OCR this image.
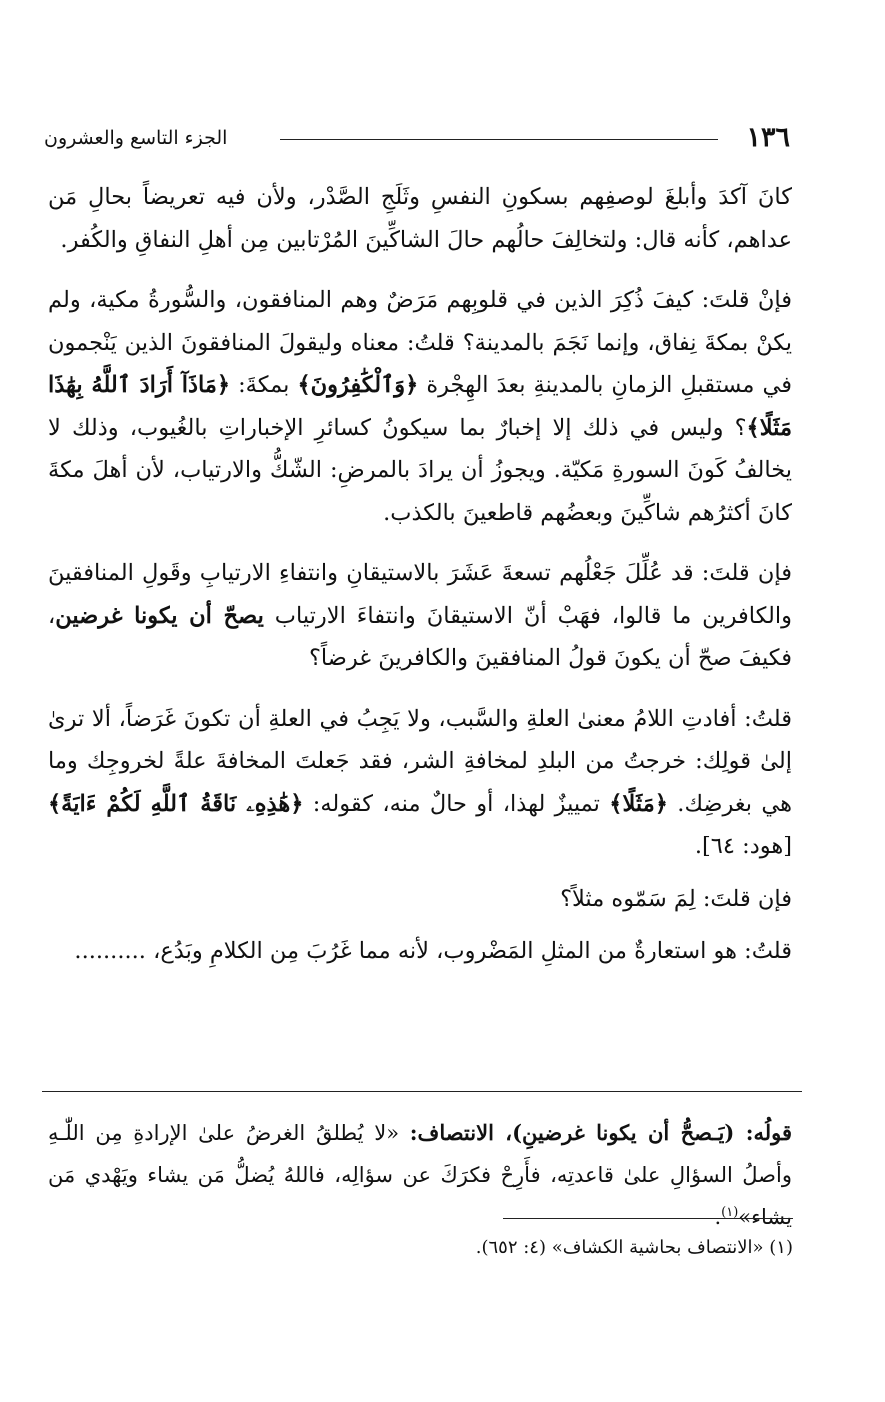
١٣٦
الجزء التاسع والعشرون

كانَ آكدَ وأبلغَ لوصفِهم بسكونِ النفسِ وثَلَجِ الصَّدْر، ولأن فيه تعريضاً بحالِ مَن عداهم، كأنه قال: ولتخالِفَ حالُهم حالَ الشاكِّينَ المُرْتابين مِن أهلِ النفاقِ والكُفر.

فإنْ قلتَ: كيفَ ذُكِرَ الذين في قلوبِهم مَرَضٌ وهم المنافقون، والسُّورةُ مكية، ولم يكنْ بمكةَ نِفاق، وإنما نَجَمَ بالمدينة؟ قلتُ: معناه وليقولَ المنافقونَ الذين يَنْجمون في مستقبلِ الزمانِ بالمدينةِ بعدَ الهِجْرة ﴿وَٱلْكَٰفِرُونَ﴾ بمكةَ: ﴿مَاذَآ أَرَادَ ٱللَّهُ بِهَٰذَا مَثَلًا﴾؟ وليس في ذلك إلا إخبارٌ بما سيكونُ كسائرِ الإخباراتِ بالغُيوب، وذلك لا يخالفُ كَونَ السورةِ مَكيّة. ويجوزُ أن يرادَ بالمرضِ: الشّكُّ والارتياب، لأن أهلَ مكةَ كانَ أكثرُهم شاكِّينَ وبعضُهم قاطعينَ بالكذب.

فإن قلتَ: قد عُلِّلَ جَعْلُهم تسعةَ عَشَرَ بالاستيقانِ وانتفاءِ الارتيابِ وقَولِ المنافقينَ والكافرين ما قالوا، فهَبْ أنّ الاستيقانَ وانتفاءَ الارتياب يصحّ أن يكونا غرضين، فكيفَ صحّ أن يكونَ قولُ المنافقينَ والكافرينَ غرضاً؟

قلتُ: أفادتِ اللامُ معنىٰ العلةِ والسَّبب، ولا يَجِبُ في العلةِ أن تكونَ غَرَضاً، ألا ترىٰ إلىٰ قولِك: خرجتُ من البلدِ لمخافةِ الشر، فقد جَعلتَ المخافةَ علةً لخروجِك وما هي بغرضِك. ﴿مَثَلًا﴾ تمييزٌ لهذا، أو حالٌ منه، كقوله: ﴿هَٰذِهِۦ نَاقَةُ ٱللَّهِ لَكُمْ ءَايَةً﴾ [هود: ٦٤].

فإن قلتَ: لِمَ سَمّوه مثلاً؟

قلتُ: هو استعارةٌ من المثلِ المَضْروب، لأنه مما غَرُبَ مِن الكلامِ وبَدُع، ..........

قولُه: (يَـصحُّ أن يكونا غرضينِ)، الانتصاف: «لا يُطلقُ الغرضُ علىٰ الإرادةِ مِن اللّٰـهِ وأصلُ السؤالِ علىٰ قاعدتِه، فأَرِحْ فكرَكَ عن سؤالِه، فاللهُ يُضلُّ مَن يشاء ويَهْدي مَن يشاء»$^{(١)}$.

(١) «الانتصاف بحاشية الكشاف» (٤: ٦٥٢).
